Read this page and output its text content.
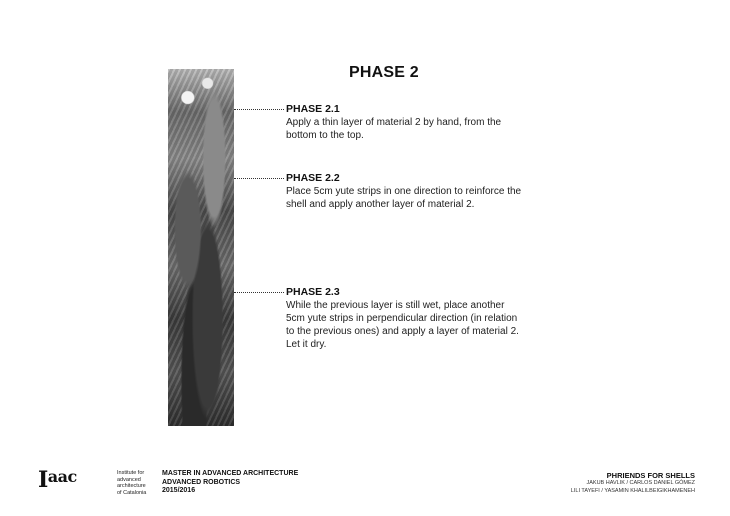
PHASE 2
PHASE 2.1
Apply a thin layer of material 2 by hand, from the bottom to the top.
PHASE 2.2
Place 5cm yute strips in one direction to reinforce the shell and apply another layer of material 2.
PHASE 2.3
While the previous layer is still wet, place another 5cm yute strips in perpendicular direction (in relation to the previous ones) and apply a layer of material 2. Let it dry.
$I^{aac}$	Institute for
advanced
architecture
of Catalonia
MASTER IN ADVANCED ARCHITECTURE
ADVANCED ROBOTICS
2015/2016
PHRIENDS FOR SHELLS
JAKUB HAVLIK / CARLOS DANIEL GÓMEZ
LILI TAYEFI / YASAMIN KHALILBEIGIKHAMENEH
